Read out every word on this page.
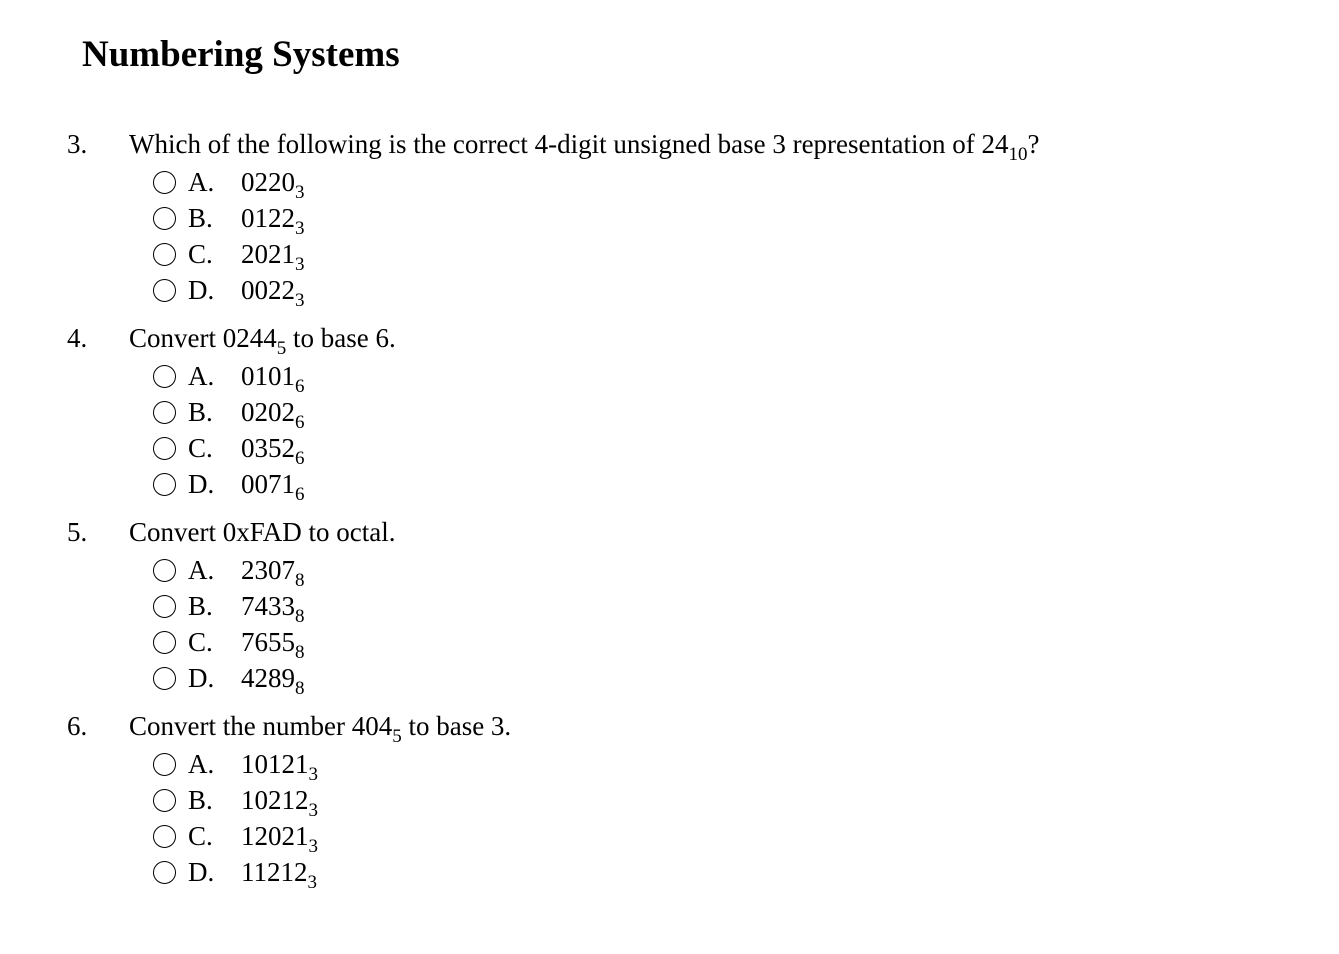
Numbering Systems
3. Which of the following is the correct 4-digit unsigned base 3 representation of $24_{10}$?
A. $0220_3$
B. $0122_3$
C. $2021_3$
D. $0022_3$
4. Convert $0244_5$ to base 6.
A. $0101_6$
B. $0202_6$
C. $0352_6$
D. $0071_6$
5. Convert 0xFAD to octal.
A. $2307_8$
B. $7433_8$
C. $7655_8$
D. $4289_8$
6. Convert the number $404_5$ to base 3.
A. $10121_3$
B. $10212_3$
C. $12021_3$
D. $11212_3$
